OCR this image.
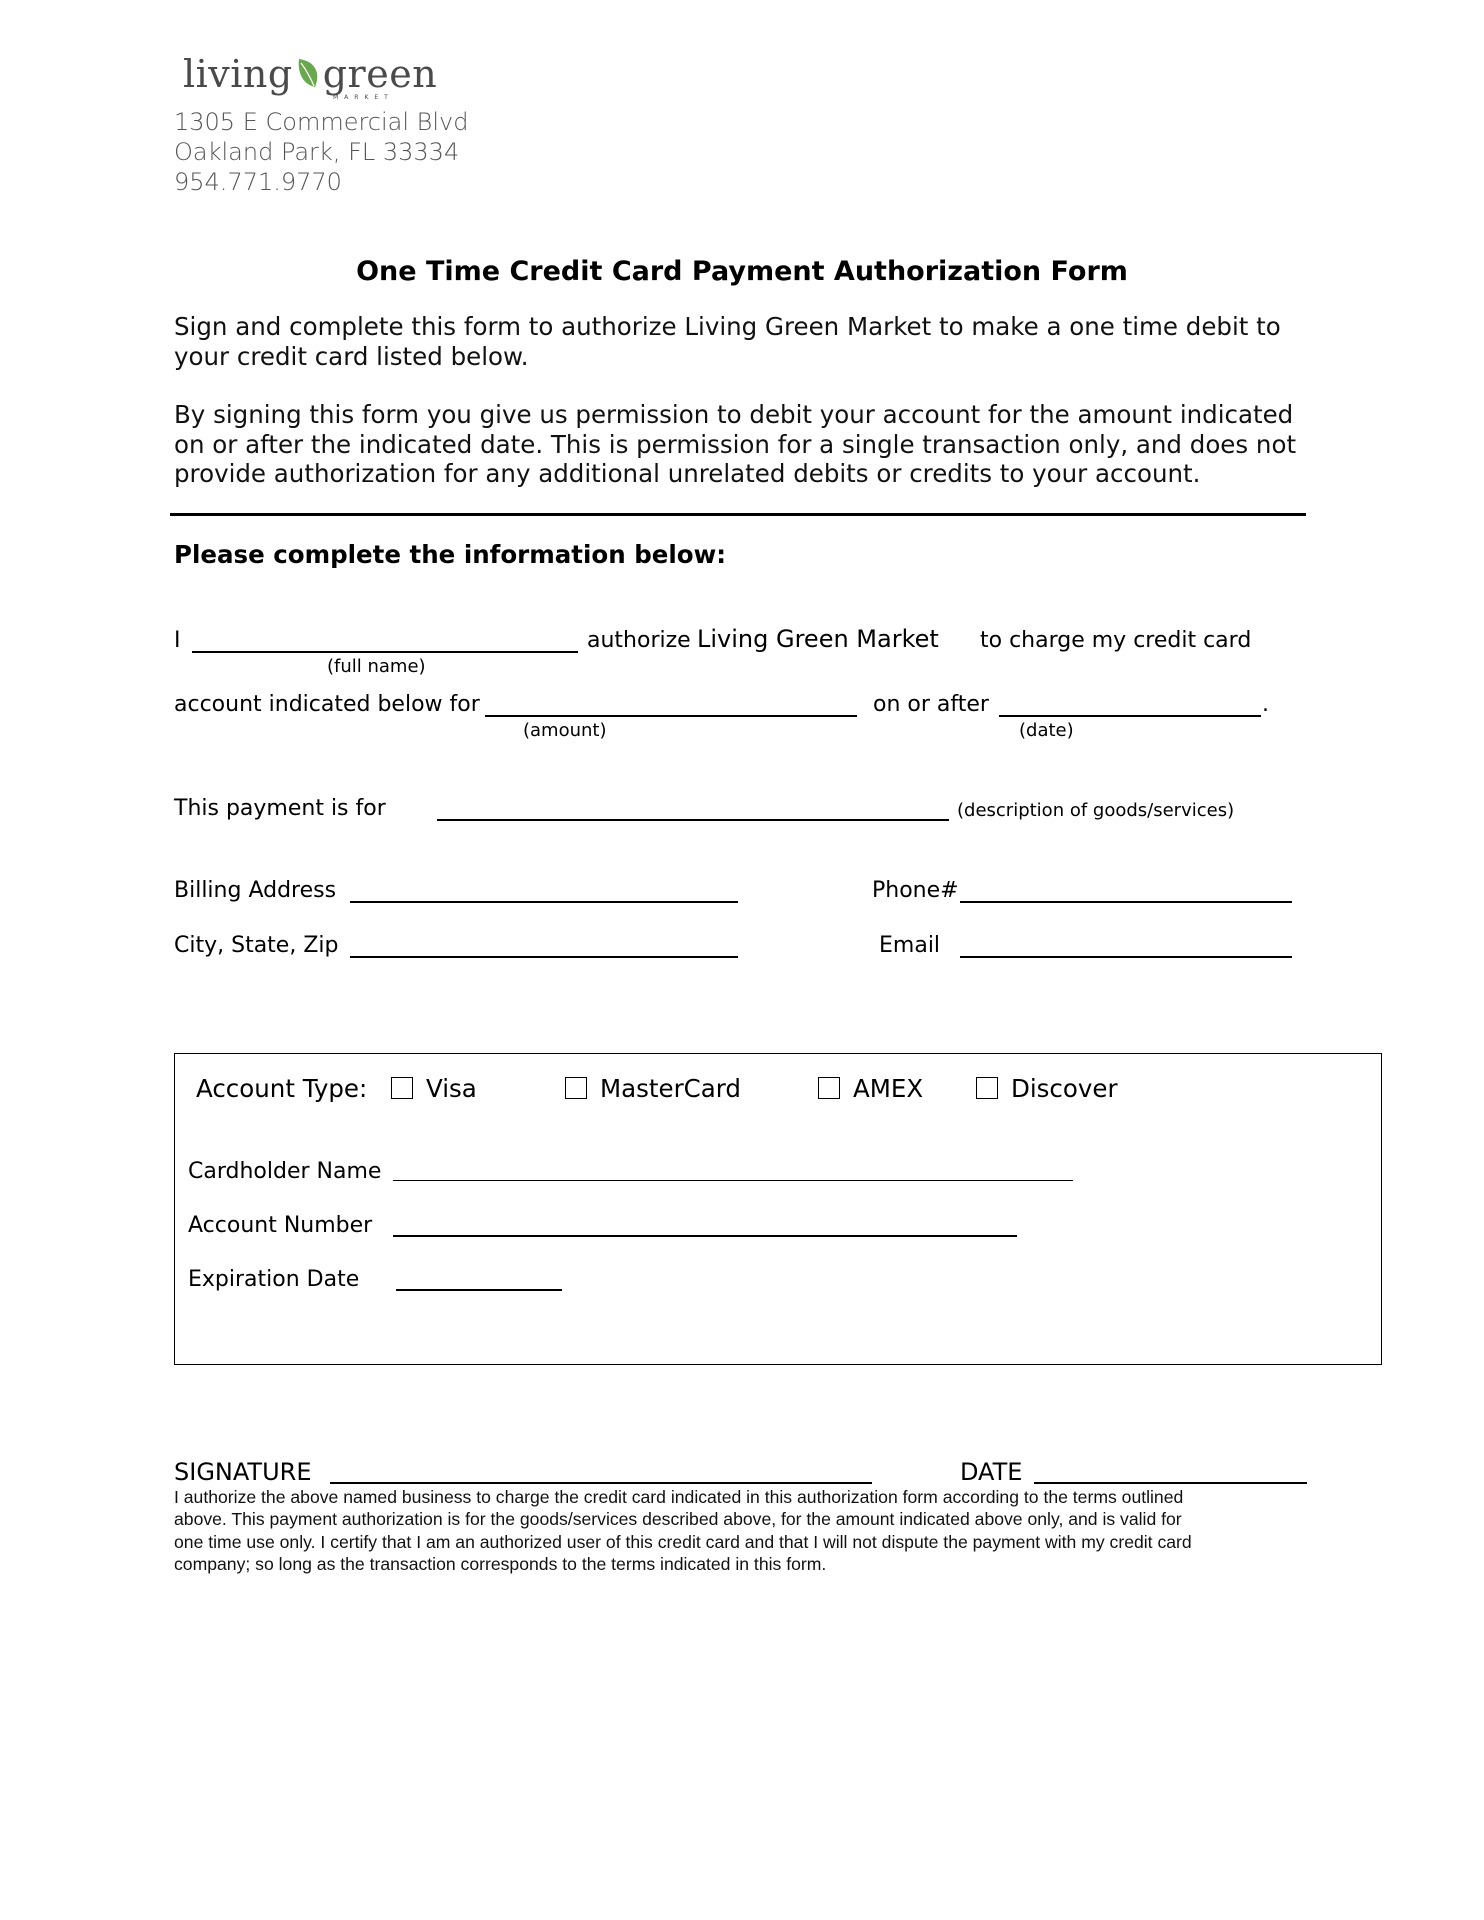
living green
MARKET
1305 E Commercial Blvd
Oakland Park, FL 33334
954.771.9770
One Time Credit Card Payment Authorization Form
Sign and complete this form to authorize Living Green Market to make a one time debit to
your credit card listed below.
By signing this form you give us permission to debit your account for the amount indicated
on or after the indicated date. This is permission for a single transaction only, and does not
provide authorization for any additional unrelated debits or credits to your account.
Please complete the information below:
I	authorize Living Green Market to charge my credit card
(full name)
account indicated below for	on or after	.
(amount)	(date)
This payment is for	(description of goods/services)
Billing Address	Phone#
City, State, Zip	Email
Account Type: Visa	MasterCard	AMEX	Discover
Cardholder Name
Account Number
Expiration Date
SIGNATURE	DATE
I authorize the above named business to charge the credit card indicated in this authorization form according to the terms outlined
above. This payment authorization is for the goods/services described above, for the amount indicated above only, and is valid for
one time use only. I certify that I am an authorized user of this credit card and that I will not dispute the payment with my credit card
company; so long as the transaction corresponds to the terms indicated in this form.
